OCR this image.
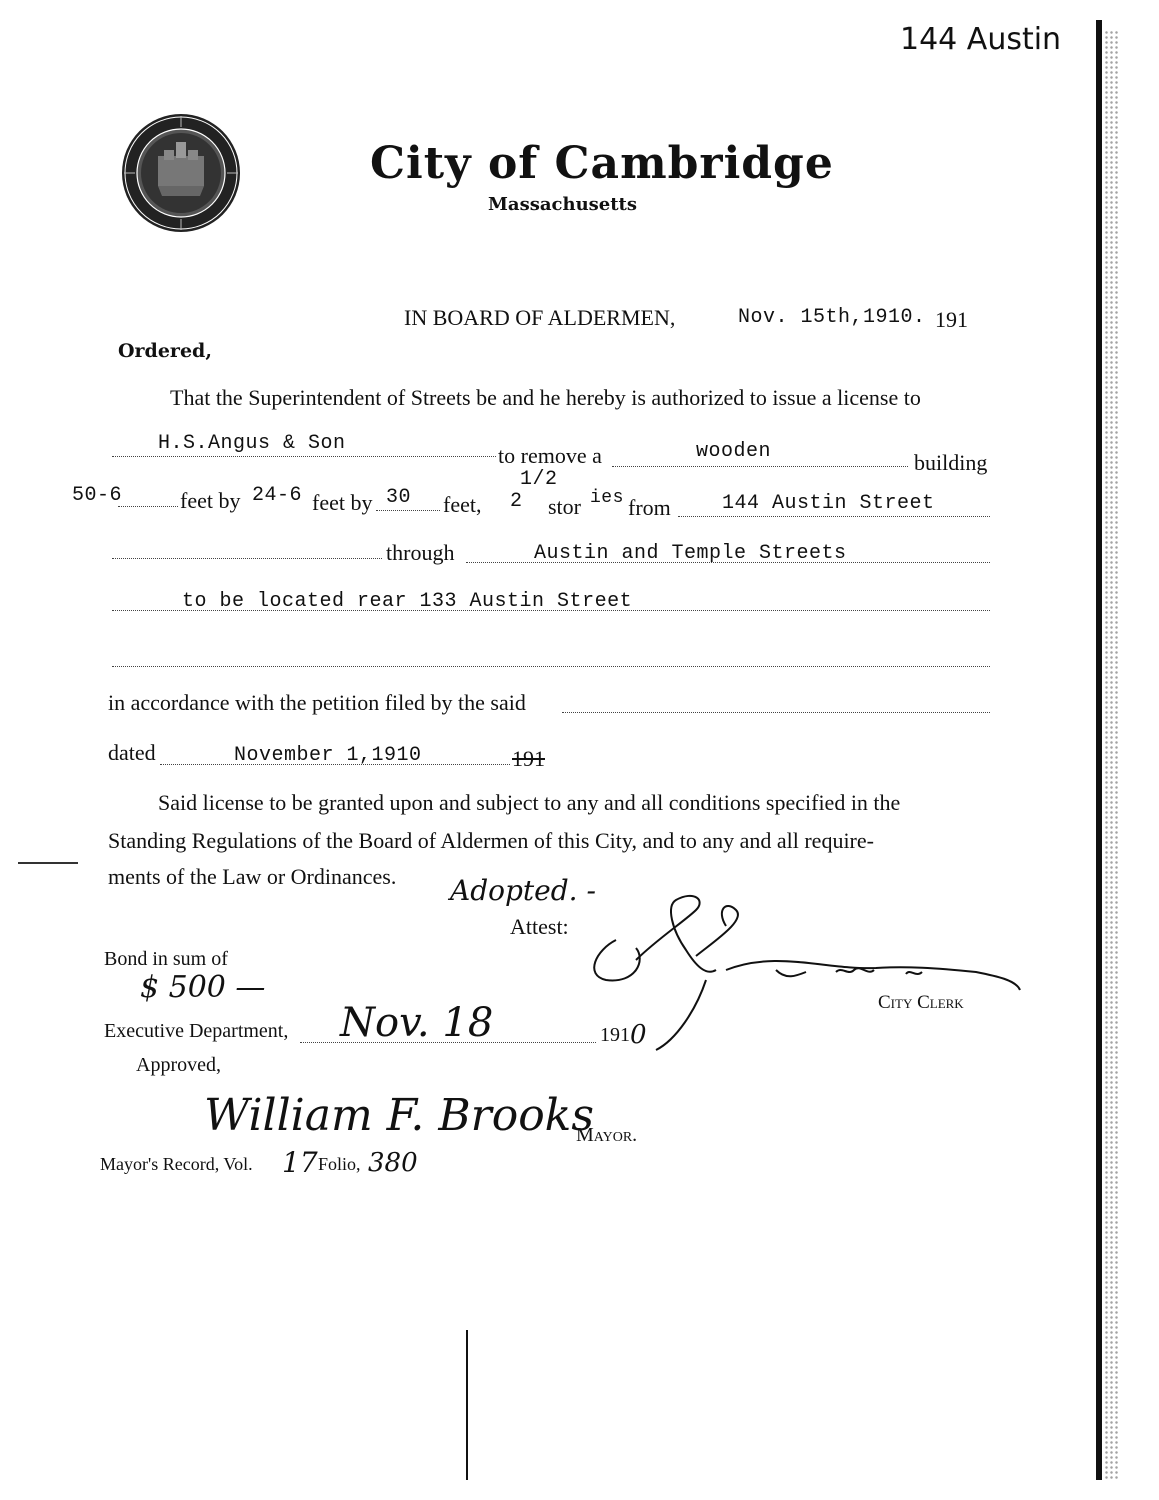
144 Austin
City of Cambridge
Massachusetts
IN BOARD OF ALDERMEN,	Nov. 15th,1910. 191
Ordered,
That the Superintendent of Streets be and he hereby is authorized to issue a license to
H.S.Angus & Son	to remove a	wooden	building
1/2
50-6	feet by 24-6 feet by 30 feet, 2 stor ies from	144 Austin Street
through	Austin and Temple Streets
to be located rear 133 Austin Street
in accordance with the petition filed by the said
dated	November 1,1910	191
Said license to be granted upon and subject to any and all conditions specified in the
Standing Regulations of the Board of Aldermen of this City, and to any and all require-
ments of the Law or Ordinances. Adopted. -
Attest:
City Clerk
Bond in sum of
$ 500 —
Executive Department, Nov. 18	191 0
Approved,
William F. Brooks
Mayor.
Mayor's Record, Vol. 17 Folio, 380
